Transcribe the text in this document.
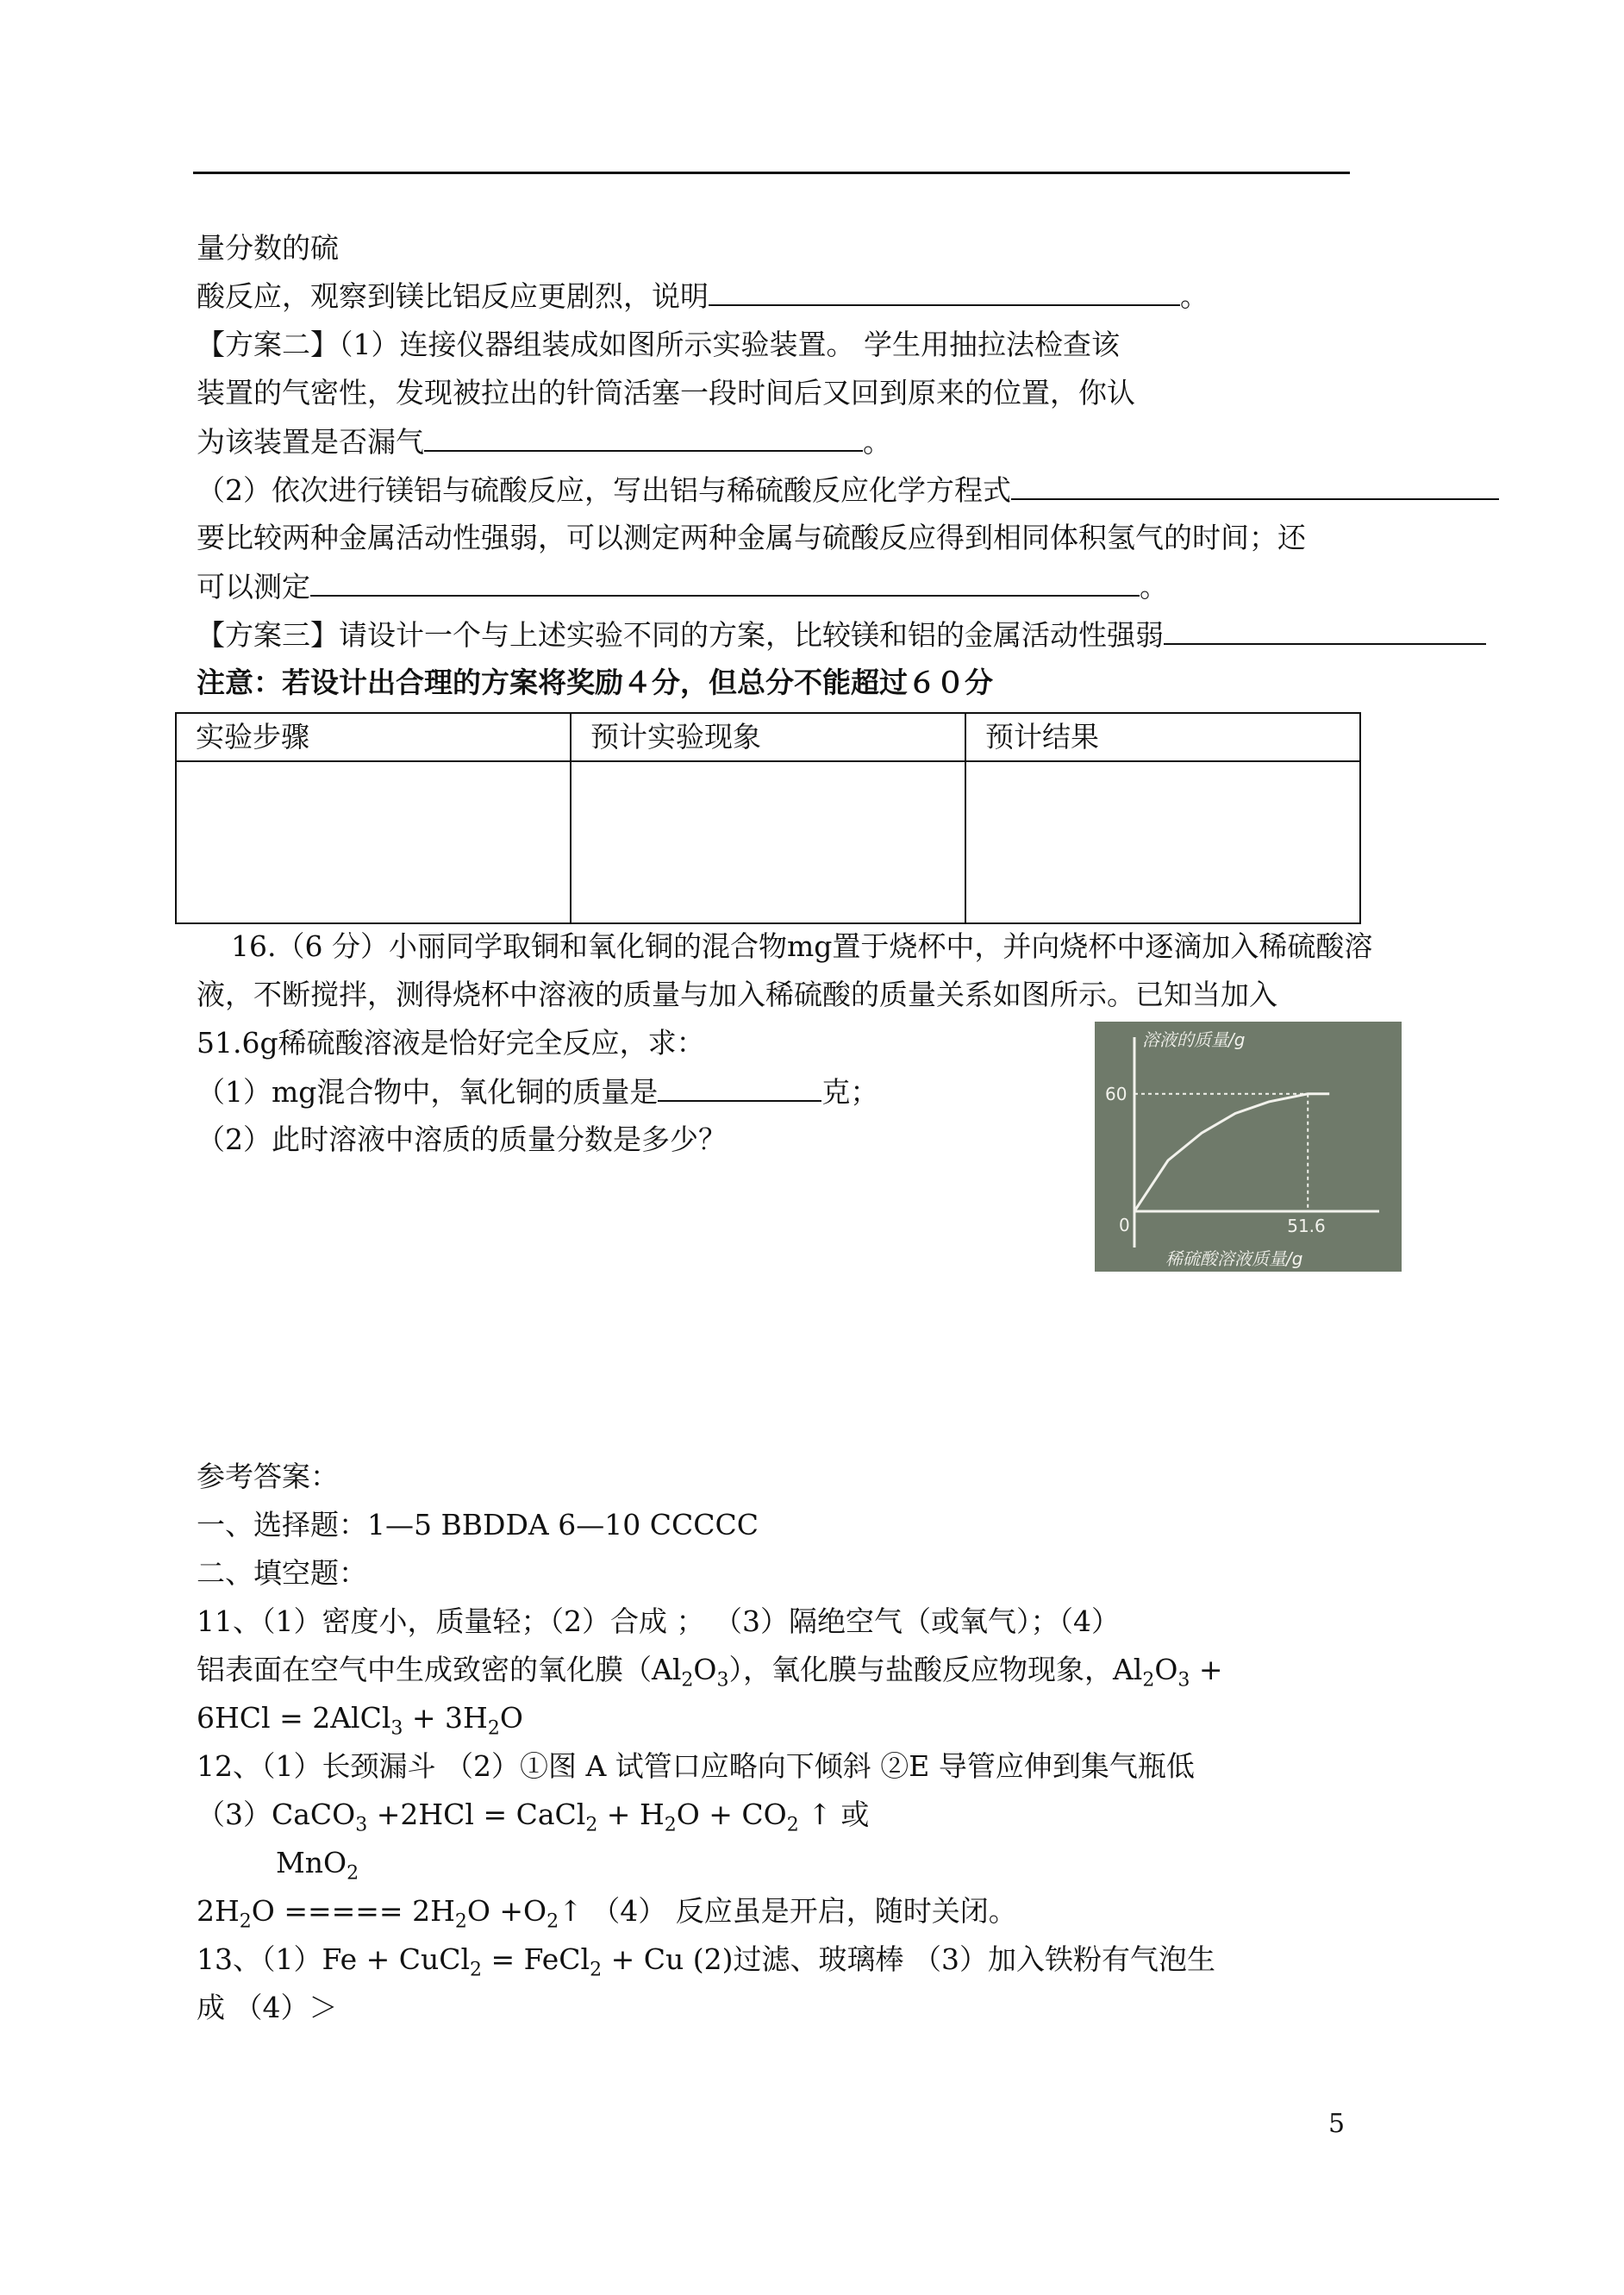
量分数的硫
酸反应，观察到镁比铝反应更剧烈，说明	。
【方案二】（1）连接仪器组装成如图所示实验装置。 学生用抽拉法检查该
装置的气密性，发现被拉出的针筒活塞一段时间后又回到原来的位置，你认
为该装置是否漏气	。
（2）依次进行镁铝与硫酸反应，写出铝与稀硫酸反应化学方程式
要比较两种金属活动性强弱，可以测定两种金属与硫酸反应得到相同体积氢气的时间；还
可以测定	。
【方案三】请设计一个与上述实验不同的方案，比较镁和铝的金属活动性强弱
注意：若设计出合理的方案将奖励４分，但总分不能超过６０分
实验步骤	预计实验现象	预计结果

16.（6 分）小丽同学取铜和氧化铜的混合物mg置于烧杯中，并向烧杯中逐滴加入稀硫酸溶
液，不断搅拌，测得烧杯中溶液的质量与加入稀硫酸的质量关系如图所示。已知当加入
51.6g稀硫酸溶液是恰好完全反应，求：
（1）mg混合物中，氧化铜的质量是	克；
（2）此时溶液中溶质的质量分数是多少？
溶液的质量/g
稀硫酸溶液质量/g
0
60
51.6
参考答案：
一、选择题：1—5 BBDDA 6—10 CCCCC
二、填空题：
11、（1）密度小，质量轻；（2）合成 ； （3）隔绝空气（或氧气）；（4）
铝表面在空气中生成致密的氧化膜$(Al_2O_3)$，氧化膜与盐酸反应物现象，$Al_2O_3$ +
6HCl = 2AlCl$_3$ + $3H_2O$
12、（1）长颈漏斗 （2）①图 A 试管口应略向下倾斜 ②E 导管应伸到集气瓶低
（3）CaCO$_3$ +2HCl = CaCl$_2$ + $H_2O + CO_2$ ↑ 或
MnO$_2$
$2H_2O$ ===== $2H_2O$ $+O_2↑$ （4） 反应虽是开启，随时关闭。
13、（1）Fe + CuCl$_2$ = FeCl$_2$ + Cu (2)过滤、玻璃棒 （3）加入铁粉有气泡生
成 （4）＞
5
